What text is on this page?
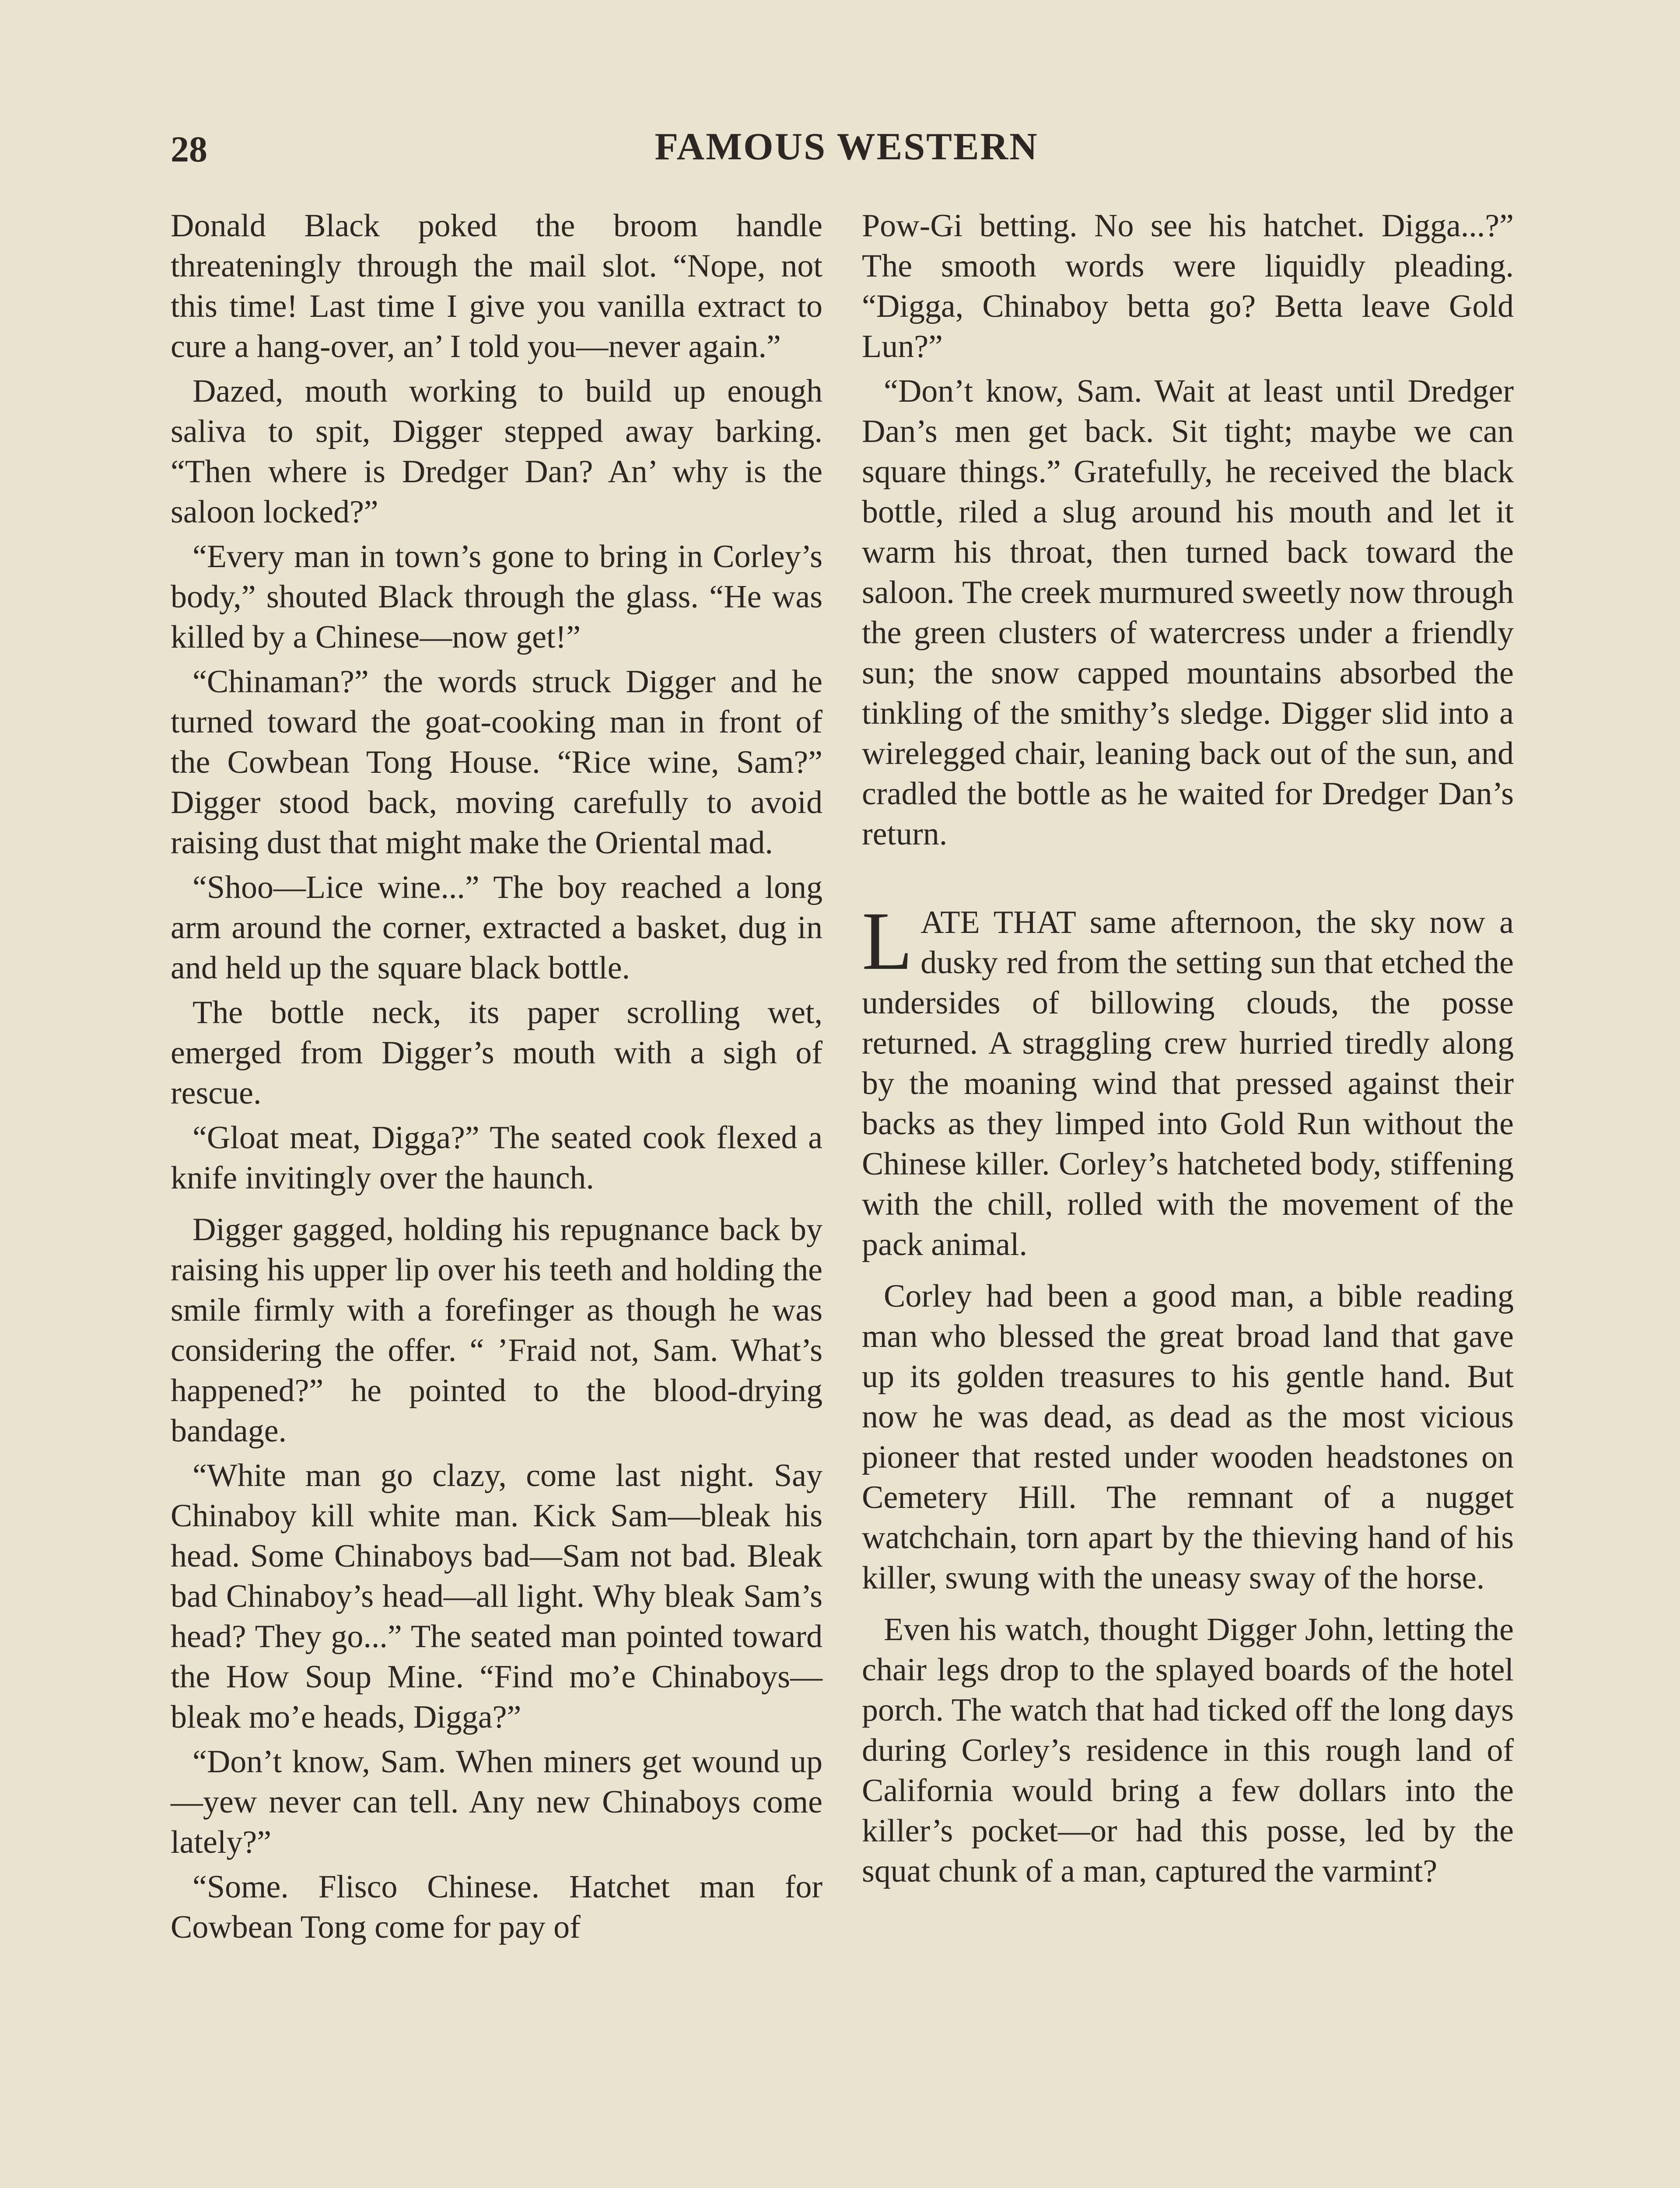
28	FAMOUS WESTERN

Donald Black poked the broom handle threateningly through the mail slot. “Nope, not this time! Last time I give you vanilla extract to cure a hang-over, an’ I told you—never again.”

Dazed, mouth working to build up enough saliva to spit, Digger stepped away barking. “Then where is Dredger Dan? An’ why is the saloon locked?”

“Every man in town’s gone to bring in Corley’s body,” shouted Black through the glass. “He was killed by a Chinese—now get!”

“Chinaman?” the words struck Digger and he turned toward the goat-cooking man in front of the Cowbean Tong House. “Rice wine, Sam?” Digger stood back, moving carefully to avoid raising dust that might make the Oriental mad.

“Shoo—Lice wine...” The boy reached a long arm around the corner, extracted a basket, dug in and held up the square black bottle.

The bottle neck, its paper scrolling wet, emerged from Digger’s mouth with a sigh of rescue.

“Gloat meat, Digga?” The seated cook flexed a knife invitingly over the haunch.

Digger gagged, holding his repugnance back by raising his upper lip over his teeth and holding the smile firmly with a forefinger as though he was considering the offer. “ ’Fraid not, Sam. What’s happened?” he pointed to the blood-drying bandage.

“White man go clazy, come last night. Say Chinaboy kill white man. Kick Sam—bleak his head. Some Chinaboys bad—Sam not bad. Bleak bad Chinaboy’s head—all light. Why bleak Sam’s head? They go...” The seated man pointed toward the How Soup Mine. “Find mo’e Chinaboys—bleak mo’e heads, Digga?”

“Don’t know, Sam. When miners get wound up—yew never can tell. Any new Chinaboys come lately?”

“Some. Flisco Chinese. Hatchet man for Cowbean Tong come for pay of

Pow-Gi betting. No see his hatchet. Digga...?” The smooth words were liquidly pleading. “Digga, Chinaboy betta go? Betta leave Gold Lun?”

“Don’t know, Sam. Wait at least until Dredger Dan’s men get back. Sit tight; maybe we can square things.” Gratefully, he received the black bottle, riled a slug around his mouth and let it warm his throat, then turned back toward the saloon. The creek murmured sweetly now through the green clusters of watercress under a friendly sun; the snow capped mountains absorbed the tinkling of the smithy’s sledge. Digger slid into a wirelegged chair, leaning back out of the sun, and cradled the bottle as he waited for Dredger Dan’s return.

LATE THAT same afternoon, the sky now a dusky red from the setting sun that etched the undersides of billowing clouds, the posse returned. A straggling crew hurried tiredly along by the moaning wind that pressed against their backs as they limped into Gold Run without the Chinese killer. Corley’s hatcheted body, stiffening with the chill, rolled with the movement of the pack animal.

Corley had been a good man, a bible reading man who blessed the great broad land that gave up its golden treasures to his gentle hand. But now he was dead, as dead as the most vicious pioneer that rested under wooden headstones on Cemetery Hill. The remnant of a nugget watchchain, torn apart by the thieving hand of his killer, swung with the uneasy sway of the horse.

Even his watch, thought Digger John, letting the chair legs drop to the splayed boards of the hotel porch. The watch that had ticked off the long days during Corley’s residence in this rough land of California would bring a few dollars into the killer’s pocket—or had this posse, led by the squat chunk of a man, captured the varmint?
